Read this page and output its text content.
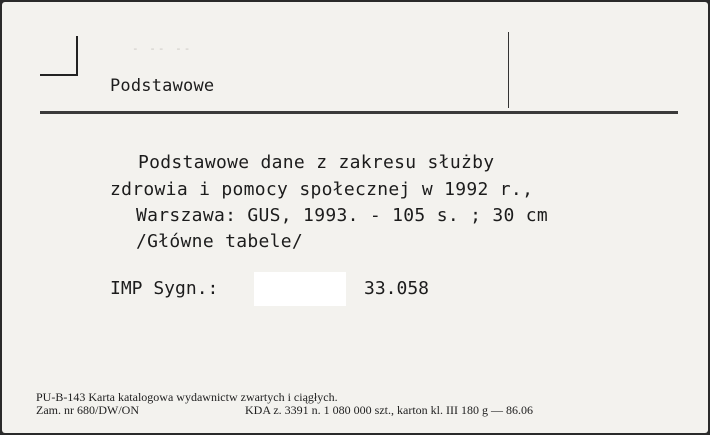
- -- --
Podstawowe
Podstawowe dane z zakresu służby
zdrowia i pomocy społecznej w 1992 r.,
Warszawa: GUS, 1993. - 105 s. ; 30 cm
/Główne tabele/
IMP Sygn.:	33.058
PU-B-143 Karta katalogowa wydawnictw zwartych i ciągłych.
Zam. nr 680/DW/ON	KDA z. 3391 n. 1 080 000 szt., karton kl. III 180 g — 86.06
